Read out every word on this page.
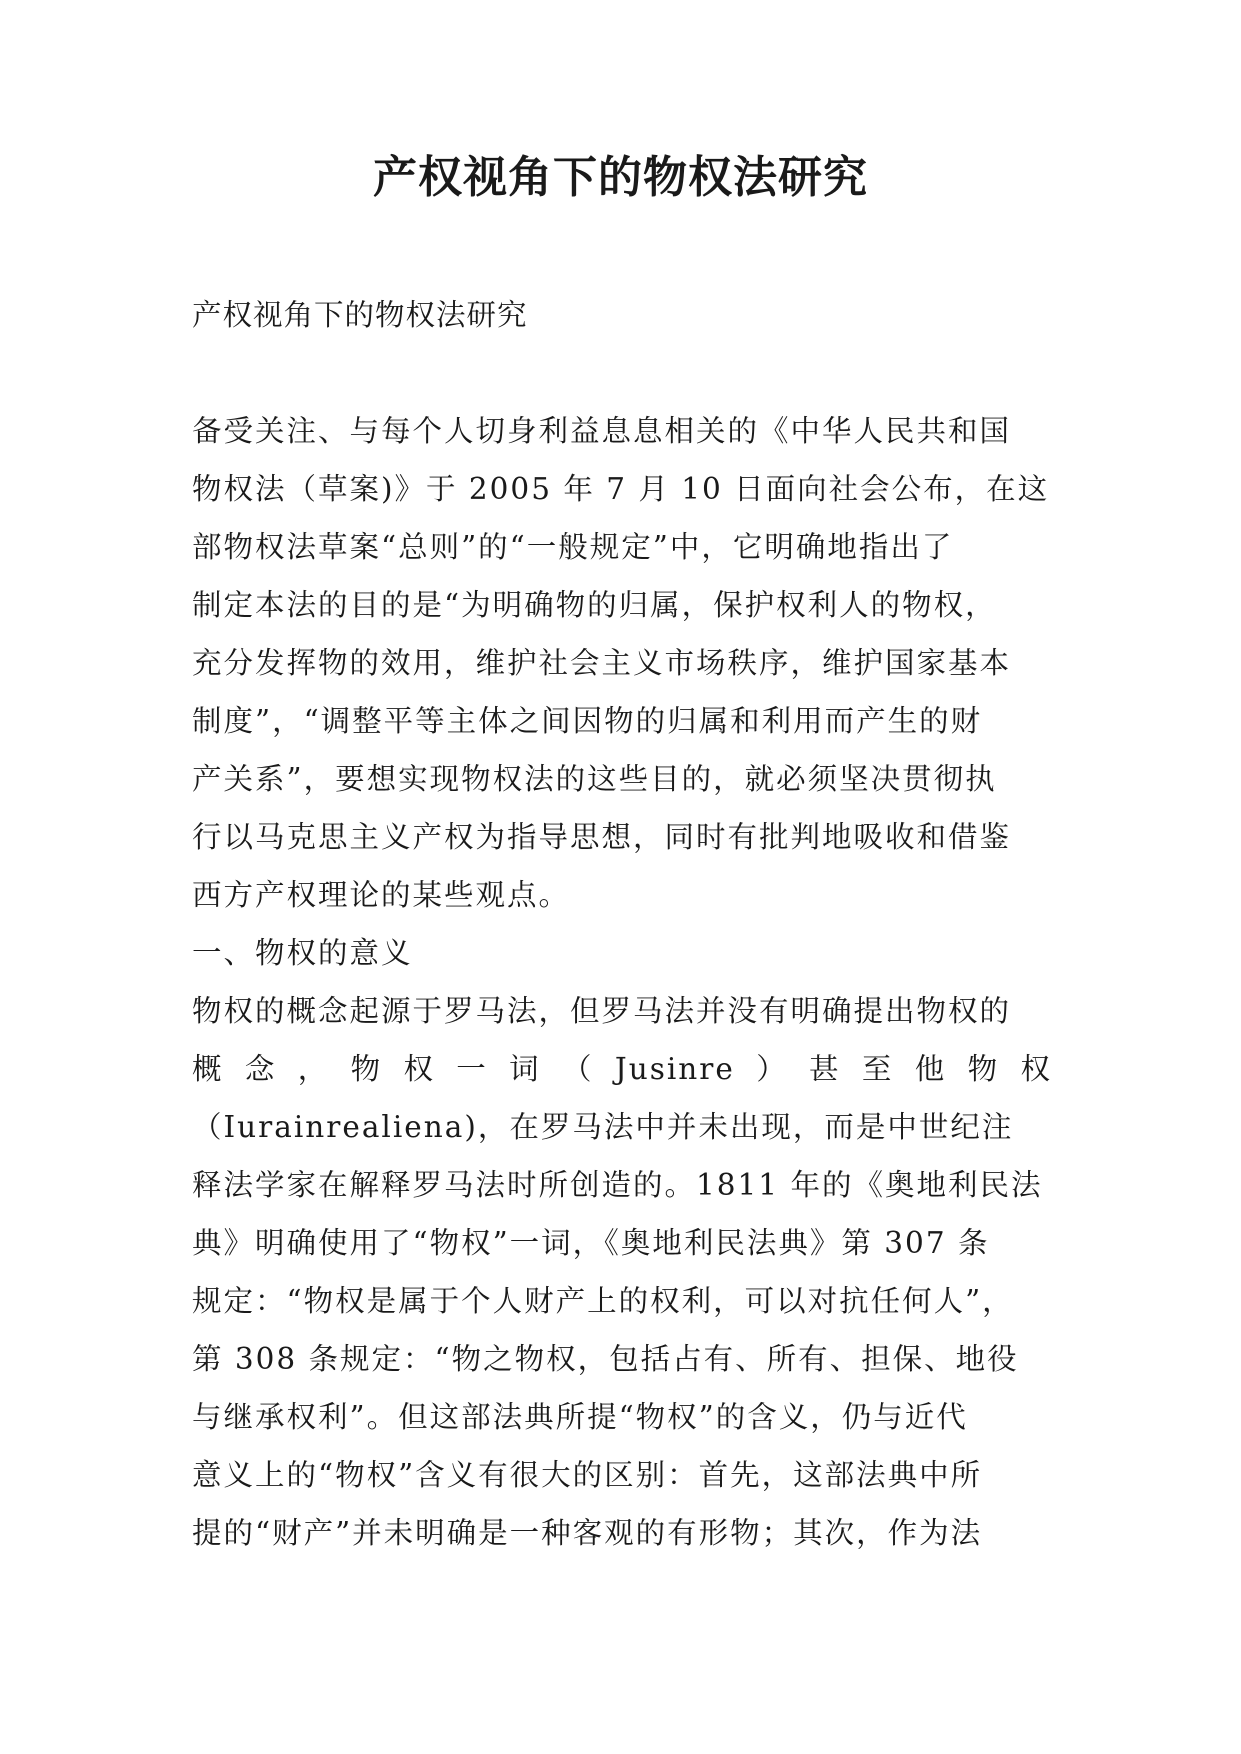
产权视角下的物权法研究

产权视角下的物权法研究

备受关注、与每个人切身利益息息相关的《中华人民共和国
物权法（草案)》于 2005 年 7 月 10 日面向社会公布，在这
部物权法草案“总则”的“一般规定”中，它明确地指出了
制定本法的目的是“为明确物的归属，保护权利人的物权，
充分发挥物的效用，维护社会主义市场秩序，维护国家基本
制度”，“调整平等主体之间因物的归属和利用而产生的财
产关系”，要想实现物权法的这些目的，就必须坚决贯彻执
行以马克思主义产权为指导思想，同时有批判地吸收和借鉴
西方产权理论的某些观点。

一、物权的意义

物权的概念起源于罗马法，但罗马法并没有明确提出物权的
概 念 ， 物 权 一 词 （ Jusinre ） 甚 至 他 物 权
（Iurainrealiena)，在罗马法中并未出现，而是中世纪注
释法学家在解释罗马法时所创造的。1811 年的《奥地利民法
典》明确使用了“物权”一词，《奥地利民法典》第 307 条
规定：“物权是属于个人财产上的权利，可以对抗任何人”，
第 308 条规定：“物之物权，包括占有、所有、担保、地役
与继承权利”。但这部法典所提“物权”的含义，仍与近代
意义上的“物权”含义有很大的区别：首先，这部法典中所
提的“财产”并未明确是一种客观的有形物；其次，作为法
